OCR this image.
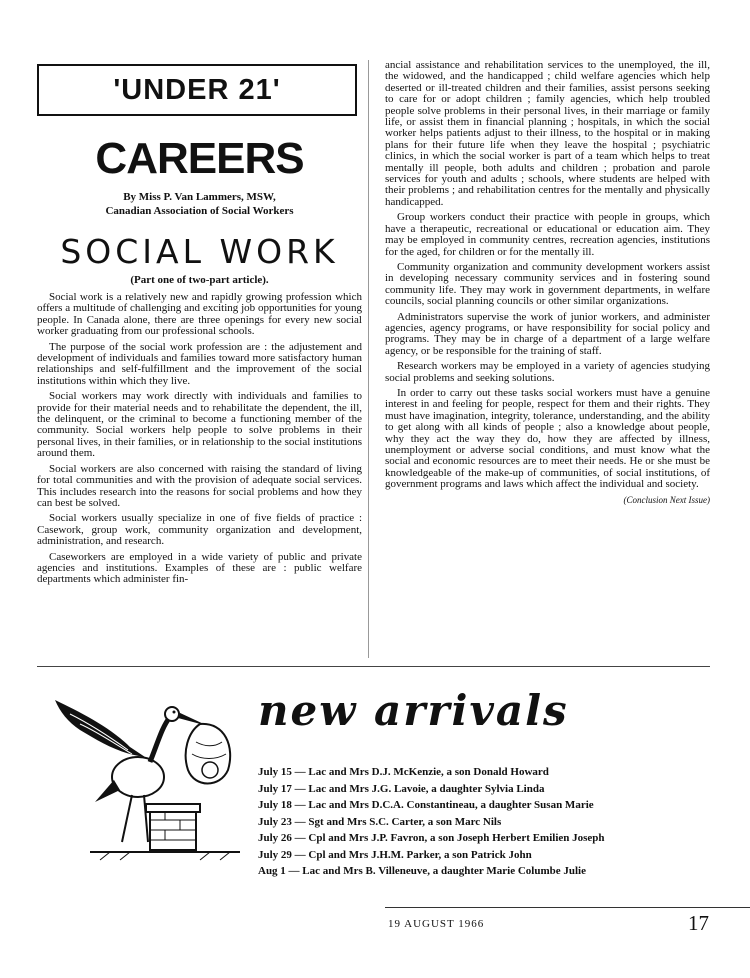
'UNDER 21'
CAREERS
By Miss P. Van Lammers, MSW,
Canadian Association of Social Workers
SOCIAL WORK
(Part one of two-part article).

Social work is a relatively new and rapidly growing profession which offers a multitude of challenging and exciting job opportunities for young people. In Canada alone, there are three openings for every new social worker graduating from our professional schools.

The purpose of the social work profession are : the adjustement and development of individuals and families toward more satisfactory human relationships and self-fulfillment and the improvement of the social institutions within which they live.

Social workers may work directly with individuals and families to provide for their material needs and to rehabilitate the dependent, the ill, the delinquent, or the criminal to become a functioning member of the community. Social workers help people to solve problems in their personal lives, in their families, or in relationship to the social institutions around them.

Social workers are also concerned with raising the standard of living for total communities and with the provision of adequate social services. This includes research into the reasons for social problems and how they can best be solved.

Social workers usually specialize in one of five fields of practice : Casework, group work, community organization and development, administration, and research.

Caseworkers are employed in a wide variety of public and private agencies and institutions. Examples of these are : public welfare departments which administer fin-

ancial assistance and rehabilitation services to the unemployed, the ill, the widowed, and the handicapped ; child welfare agencies which help deserted or ill-treated children and their families, assist persons seeking to care for or adopt children ; family agencies, which help troubled people solve problems in their personal lives, in their marriage or family life, or assist them in financial planning ; hospitals, in which the social worker helps patients adjust to their illness, to the hospital or in making plans for their future life when they leave the hospital ; psychiatric clinics, in which the social worker is part of a team which helps to treat mentally ill people, both adults and children ; probation and parole services for youth and adults ; schools, where students are helped with their problems ; and rehabilitation centres for the mentally and physically handicapped.

Group workers conduct their practice with people in groups, which have a therapeutic, recreational or educational or education aim. They may be employed in community centres, recreation agencies, institutions for the aged, for children or for the mentally ill.

Community organization and community development workers assist in developing necessary community services and in fostering sound community life. They may work in government departments, in welfare councils, social planning councils or other similar organizations.

Administrators supervise the work of junior workers, and administer agencies, agency programs, or have responsibility for social policy and programs. They may be in charge of a department of a large welfare agency, or be responsible for the training of staff.

Research workers may be employed in a variety of agencies studying social problems and seeking solutions.

In order to carry out these tasks social workers must have a genuine interest in and feeling for people, respect for them and their rights. They must have imagination, integrity, tolerance, understanding, and the ability to get along with all kinds of people ; also a knowledge about people, why they act the way they do, how they are affected by illness, unemployment or adverse social conditions, and must know what the social and economic resources are to meet their needs. He or she must be knowledgeable of the make-up of communities, of social institutions, of government programs and laws which affect the individual and society.

(Conclusion Next Issue)

new arrivals
July 15 — Lac and Mrs D.J. McKenzie, a son Donald Howard
July 17 — Lac and Mrs J.G. Lavoie, a daughter Sylvia Linda
July 18 — Lac and Mrs D.C.A. Constantineau, a daughter Susan Marie
July 23 — Sgt and Mrs S.C. Carter, a son Marc Nils
July 26 — Cpl and Mrs J.P. Favron, a son Joseph Herbert Emilien Joseph
July 29 — Cpl and Mrs J.H.M. Parker, a son Patrick John
Aug 1 — Lac and Mrs B. Villeneuve, a daughter Marie Columbe Julie
19 AUGUST 1966	17
